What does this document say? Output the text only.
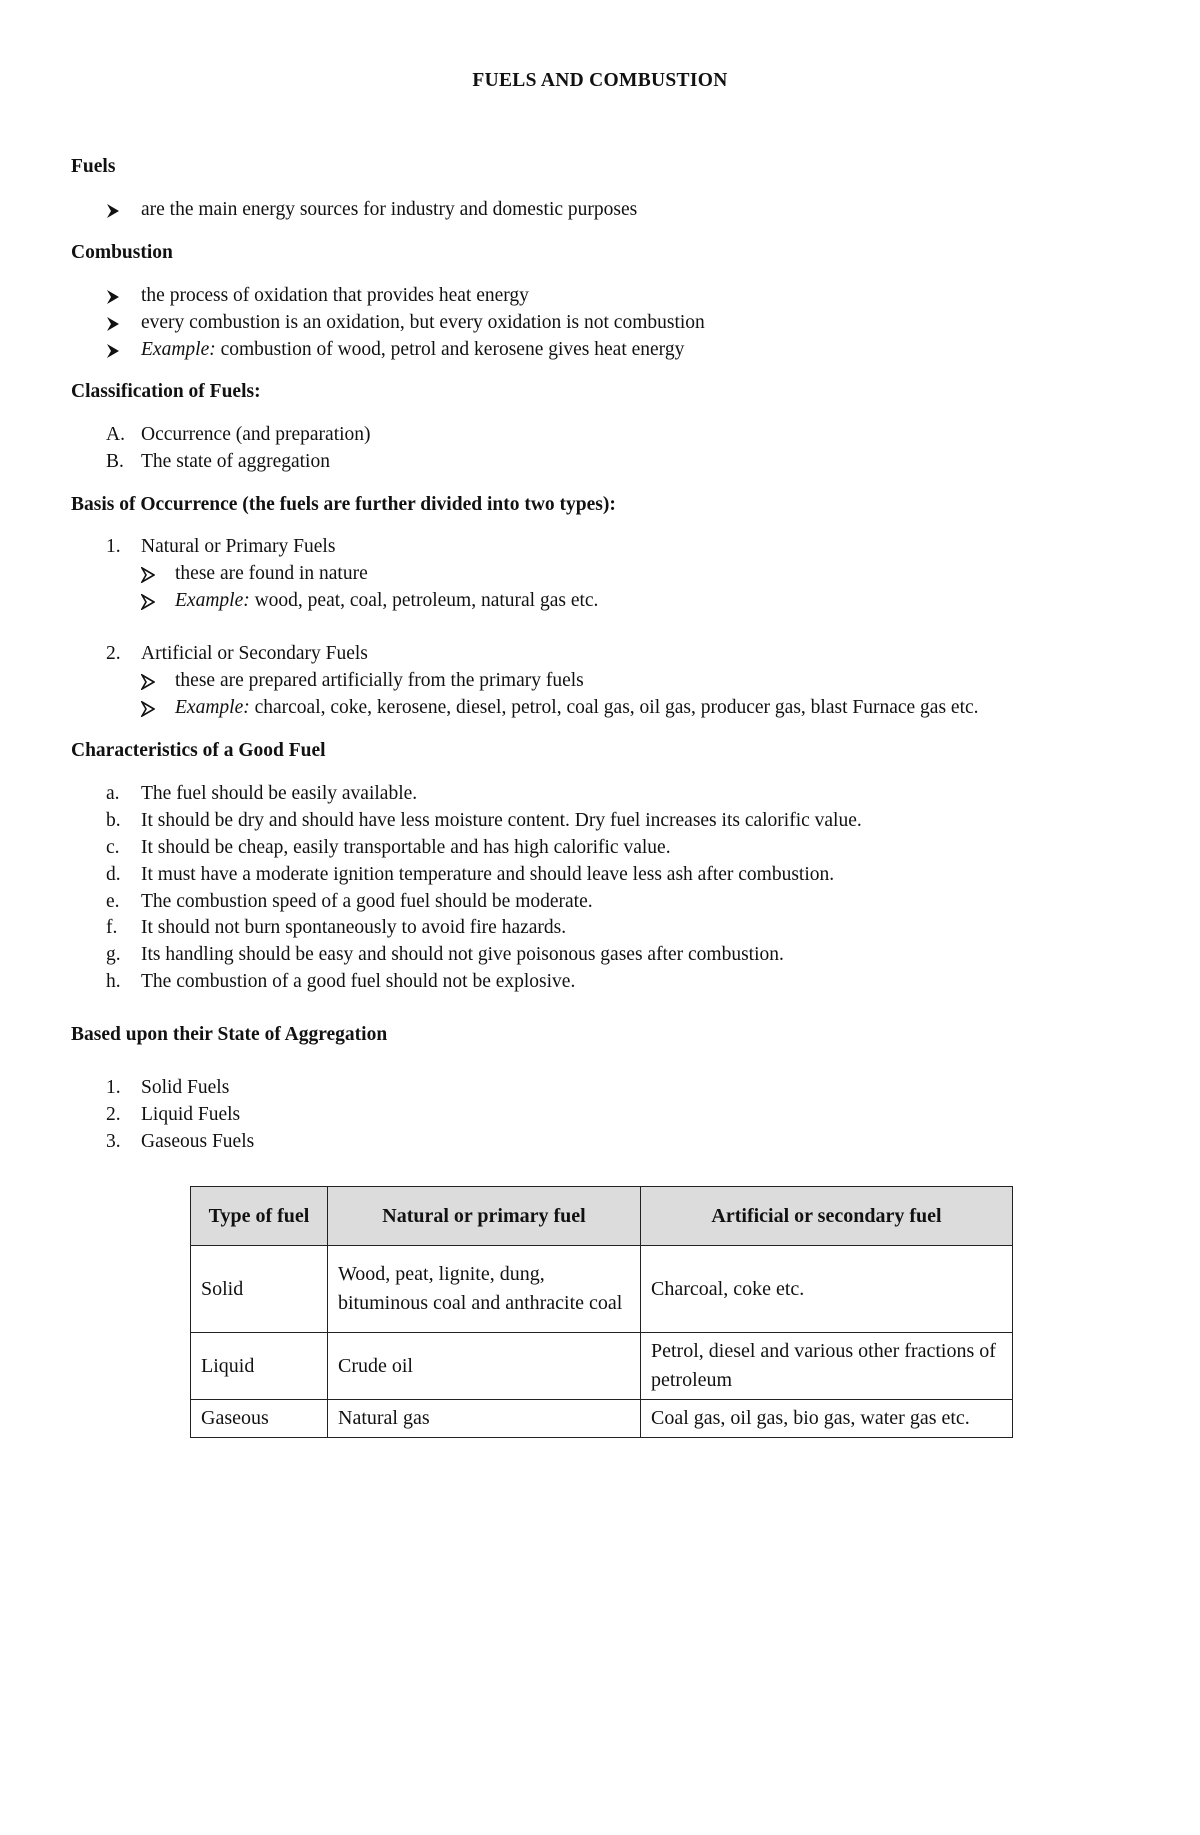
FUELS AND COMBUSTION
Fuels
are the main energy sources for industry and domestic purposes
Combustion
the process of oxidation that provides heat energy
every combustion is an oxidation, but every oxidation is not combustion
Example: combustion of wood, petrol and kerosene gives heat energy
Classification of Fuels:
A. Occurrence (and preparation)
B. The state of aggregation
Basis of Occurrence (the fuels are further divided into two types):
1. Natural or Primary Fuels
these are found in nature
Example: wood, peat, coal, petroleum, natural gas etc.
2. Artificial or Secondary Fuels
these are prepared artificially from the primary fuels
Example: charcoal, coke, kerosene, diesel, petrol, coal gas, oil gas, producer gas, blast Furnace gas etc.
Characteristics of a Good Fuel
a. The fuel should be easily available.
b. It should be dry and should have less moisture content. Dry fuel increases its calorific value.
c. It should be cheap, easily transportable and has high calorific value.
d. It must have a moderate ignition temperature and should leave less ash after combustion.
e. The combustion speed of a good fuel should be moderate.
f. It should not burn spontaneously to avoid fire hazards.
g. Its handling should be easy and should not give poisonous gases after combustion.
h. The combustion of a good fuel should not be explosive.
Based upon their State of Aggregation
1. Solid Fuels
2. Liquid Fuels
3. Gaseous Fuels
Type of fuel	Natural or primary fuel	Artificial or secondary fuel
Solid	Wood, peat, lignite, dung, bituminous coal and anthracite coal	Charcoal, coke etc.
Liquid	Crude oil	Petrol, diesel and various other fractions of petroleum
Gaseous	Natural gas	Coal gas, oil gas, bio gas, water gas etc.
